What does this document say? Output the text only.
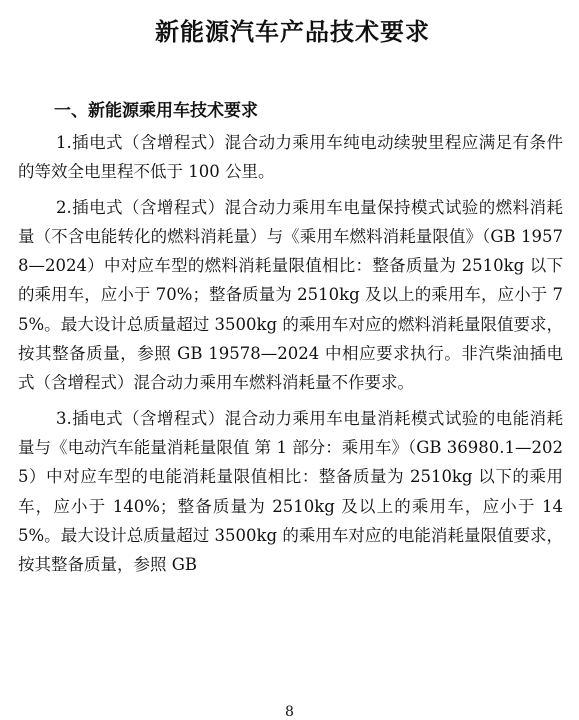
新能源汽车产品技术要求
一、新能源乘用车技术要求

1.插电式（含增程式）混合动力乘用车纯电动续驶里程应满足有条件的等效全电里程不低于 100 公里。

2.插电式（含增程式）混合动力乘用车电量保持模式试验的燃料消耗量（不含电能转化的燃料消耗量）与《乘用车燃料消耗量限值》（GB 19578—2024）中对应车型的燃料消耗量限值相比：整备质量为 2510kg 以下的乘用车，应小于 70%；整备质量为 2510kg 及以上的乘用车，应小于 75%。最大设计总质量超过 3500kg 的乘用车对应的燃料消耗量限值要求，按其整备质量，参照 GB 19578—2024 中相应要求执行。非汽柴油插电式（含增程式）混合动力乘用车燃料消耗量不作要求。

3.插电式（含增程式）混合动力乘用车电量消耗模式试验的电能消耗量与《电动汽车能量消耗量限值 第 1 部分：乘用车》（GB 36980.1—2025）中对应车型的电能消耗量限值相比：整备质量为 2510kg 以下的乘用车，应小于 140%；整备质量为 2510kg 及以上的乘用车，应小于 145%。最大设计总质量超过 3500kg 的乘用车对应的电能消耗量限值要求，按其整备质量，参照 GB

8
